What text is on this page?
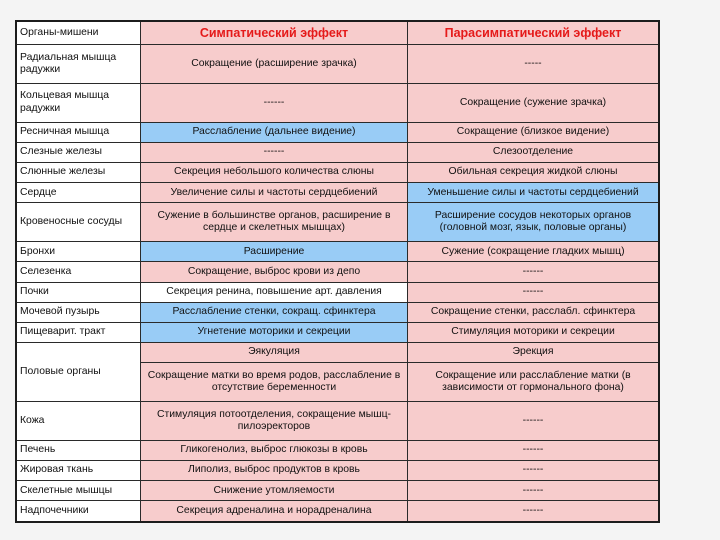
Органы-мишени	Симпатический эффект	Парасимпатический эффект
Радиальная мышца радужки	Сокращение (расширение зрачка)	-----
Кольцевая мышца радужки	------	Сокращение (сужение зрачка)
Ресничная мышца	Расслабление (дальнее видение)	Сокращение (близкое видение)
Слезные железы	------	Слезоотделение
Слюнные железы	Секреция небольшого количества слюны	Обильная секреция жидкой слюны
Сердце	Увеличение силы и частоты сердцебиений	Уменьшение силы и частоты сердцебиений
Кровеносные сосуды	Сужение в большинстве органов, расширение в сердце и скелетных мышцах)	Расширение сосудов некоторых органов (головной мозг, язык, половые органы)
Бронхи	Расширение	Сужение (сокращение гладких мышц)
Селезенка	Сокращение, выброс крови из депо	------
Почки	Секреция ренина, повышение арт. давления	------
Мочевой пузырь	Расслабление стенки, сокращ. сфинктера	Сокращение стенки, расслабл. сфинктера
Пищеварит. тракт	Угнетение моторики и секреции	Стимуляция моторики и секреции
Половые органы	Эякуляция	Эрекция
	Сокращение матки во время родов, расслабление в отсутствие беременности	Сокращение или расслабление матки (в зависимости от гормонального фона)
Кожа	Стимуляция потоотделения, сокращение мышц-пилоэректоров	------
Печень	Гликогенолиз, выброс глюкозы в кровь	------
Жировая ткань	Липолиз, выброс продуктов в кровь	------
Скелетные мышцы	Снижение утомляемости	------
Надпочечники	Секреция адреналина и норадреналина	------
